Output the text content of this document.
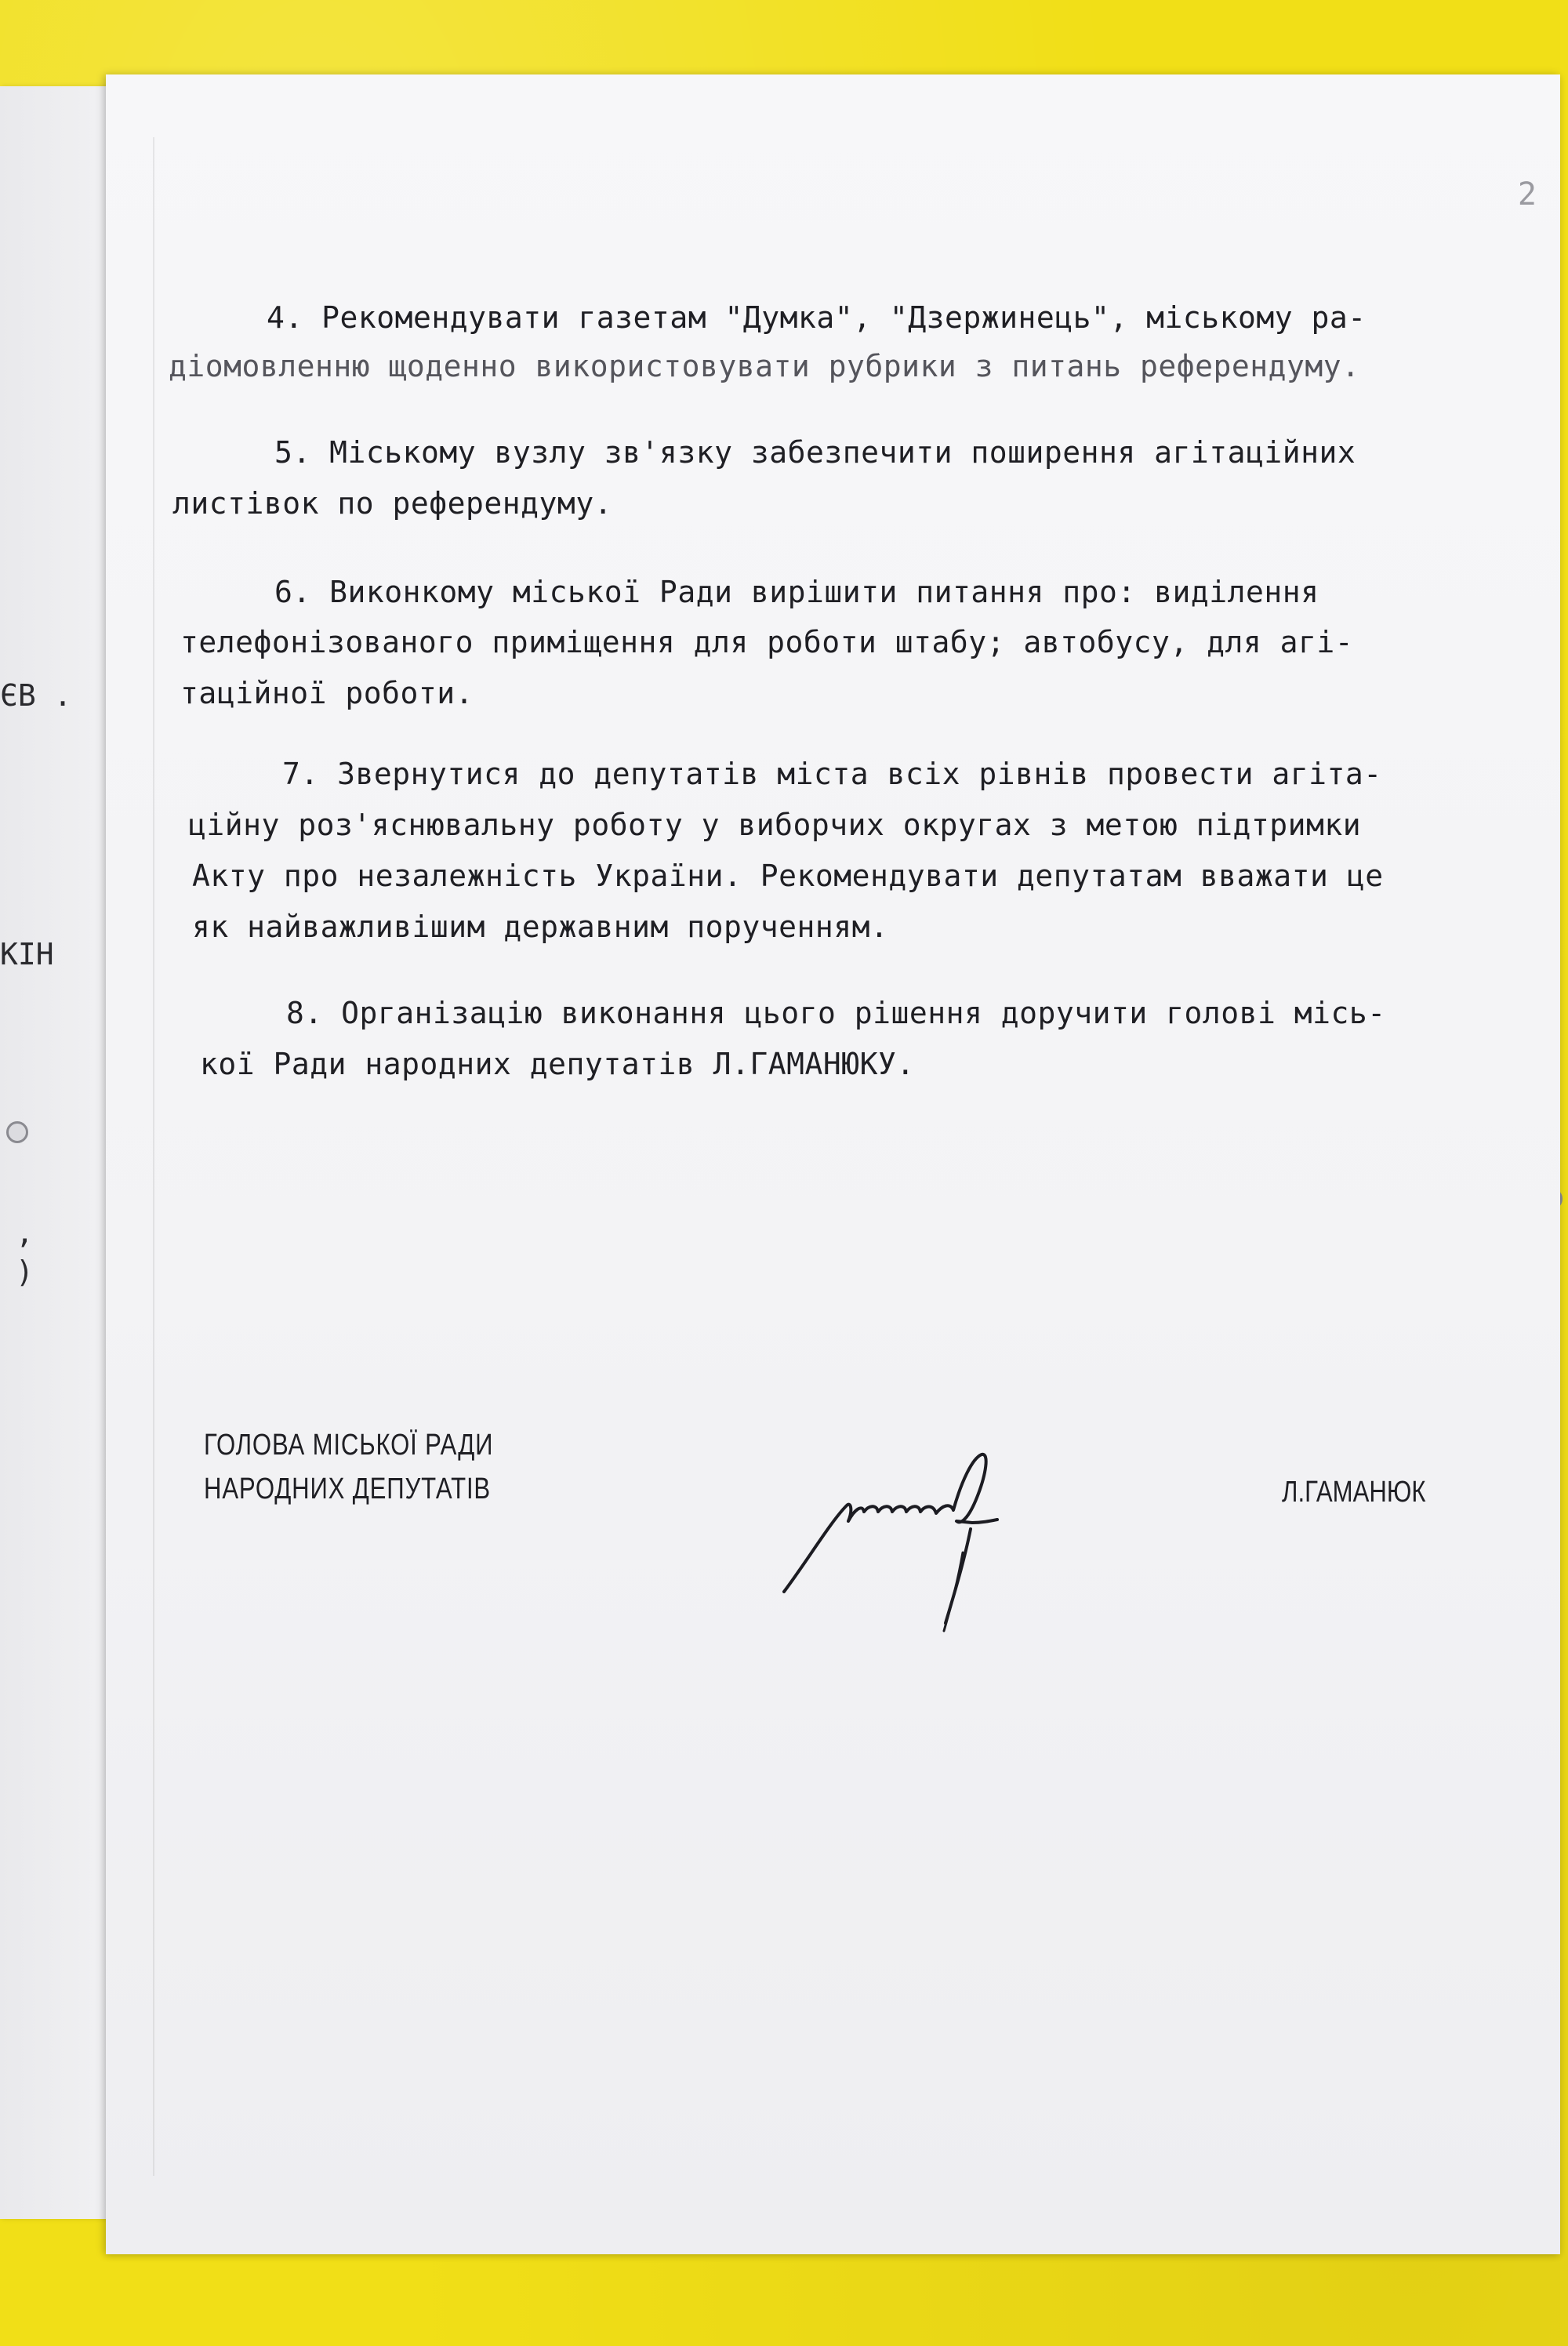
ЄВ .
КІН
,
)
2
4. Рекомендувати газетам "Думка", "Дзержинець", міському ра-
діомовленню щоденно використовувати рубрики з питань референдуму.
5. Міському вузлу зв'язку забезпечити поширення агітаційних
листівок по референдуму.
6. Виконкому міської Ради вирішити питання про: виділення
телефонізованого приміщення для роботи штабу; автобусу, для агі-
таційної роботи.
7. Звернутися до депутатів міста всіх рівнів провести агіта-
ційну роз'яснювальну роботу у виборчих округах з метою підтримки
Акту про незалежність України. Рекомендувати депутатам вважати це
як найважливішим державним порученням.
8. Організацію виконання цього рішення доручити голові місь-
кої Ради народних депутатів Л.ГАМАНЮКУ.
ГОЛОВА МІСЬКОЇ РАДИ
НАРОДНИХ ДЕПУТАТІВ	Л.ГАМАНЮК
